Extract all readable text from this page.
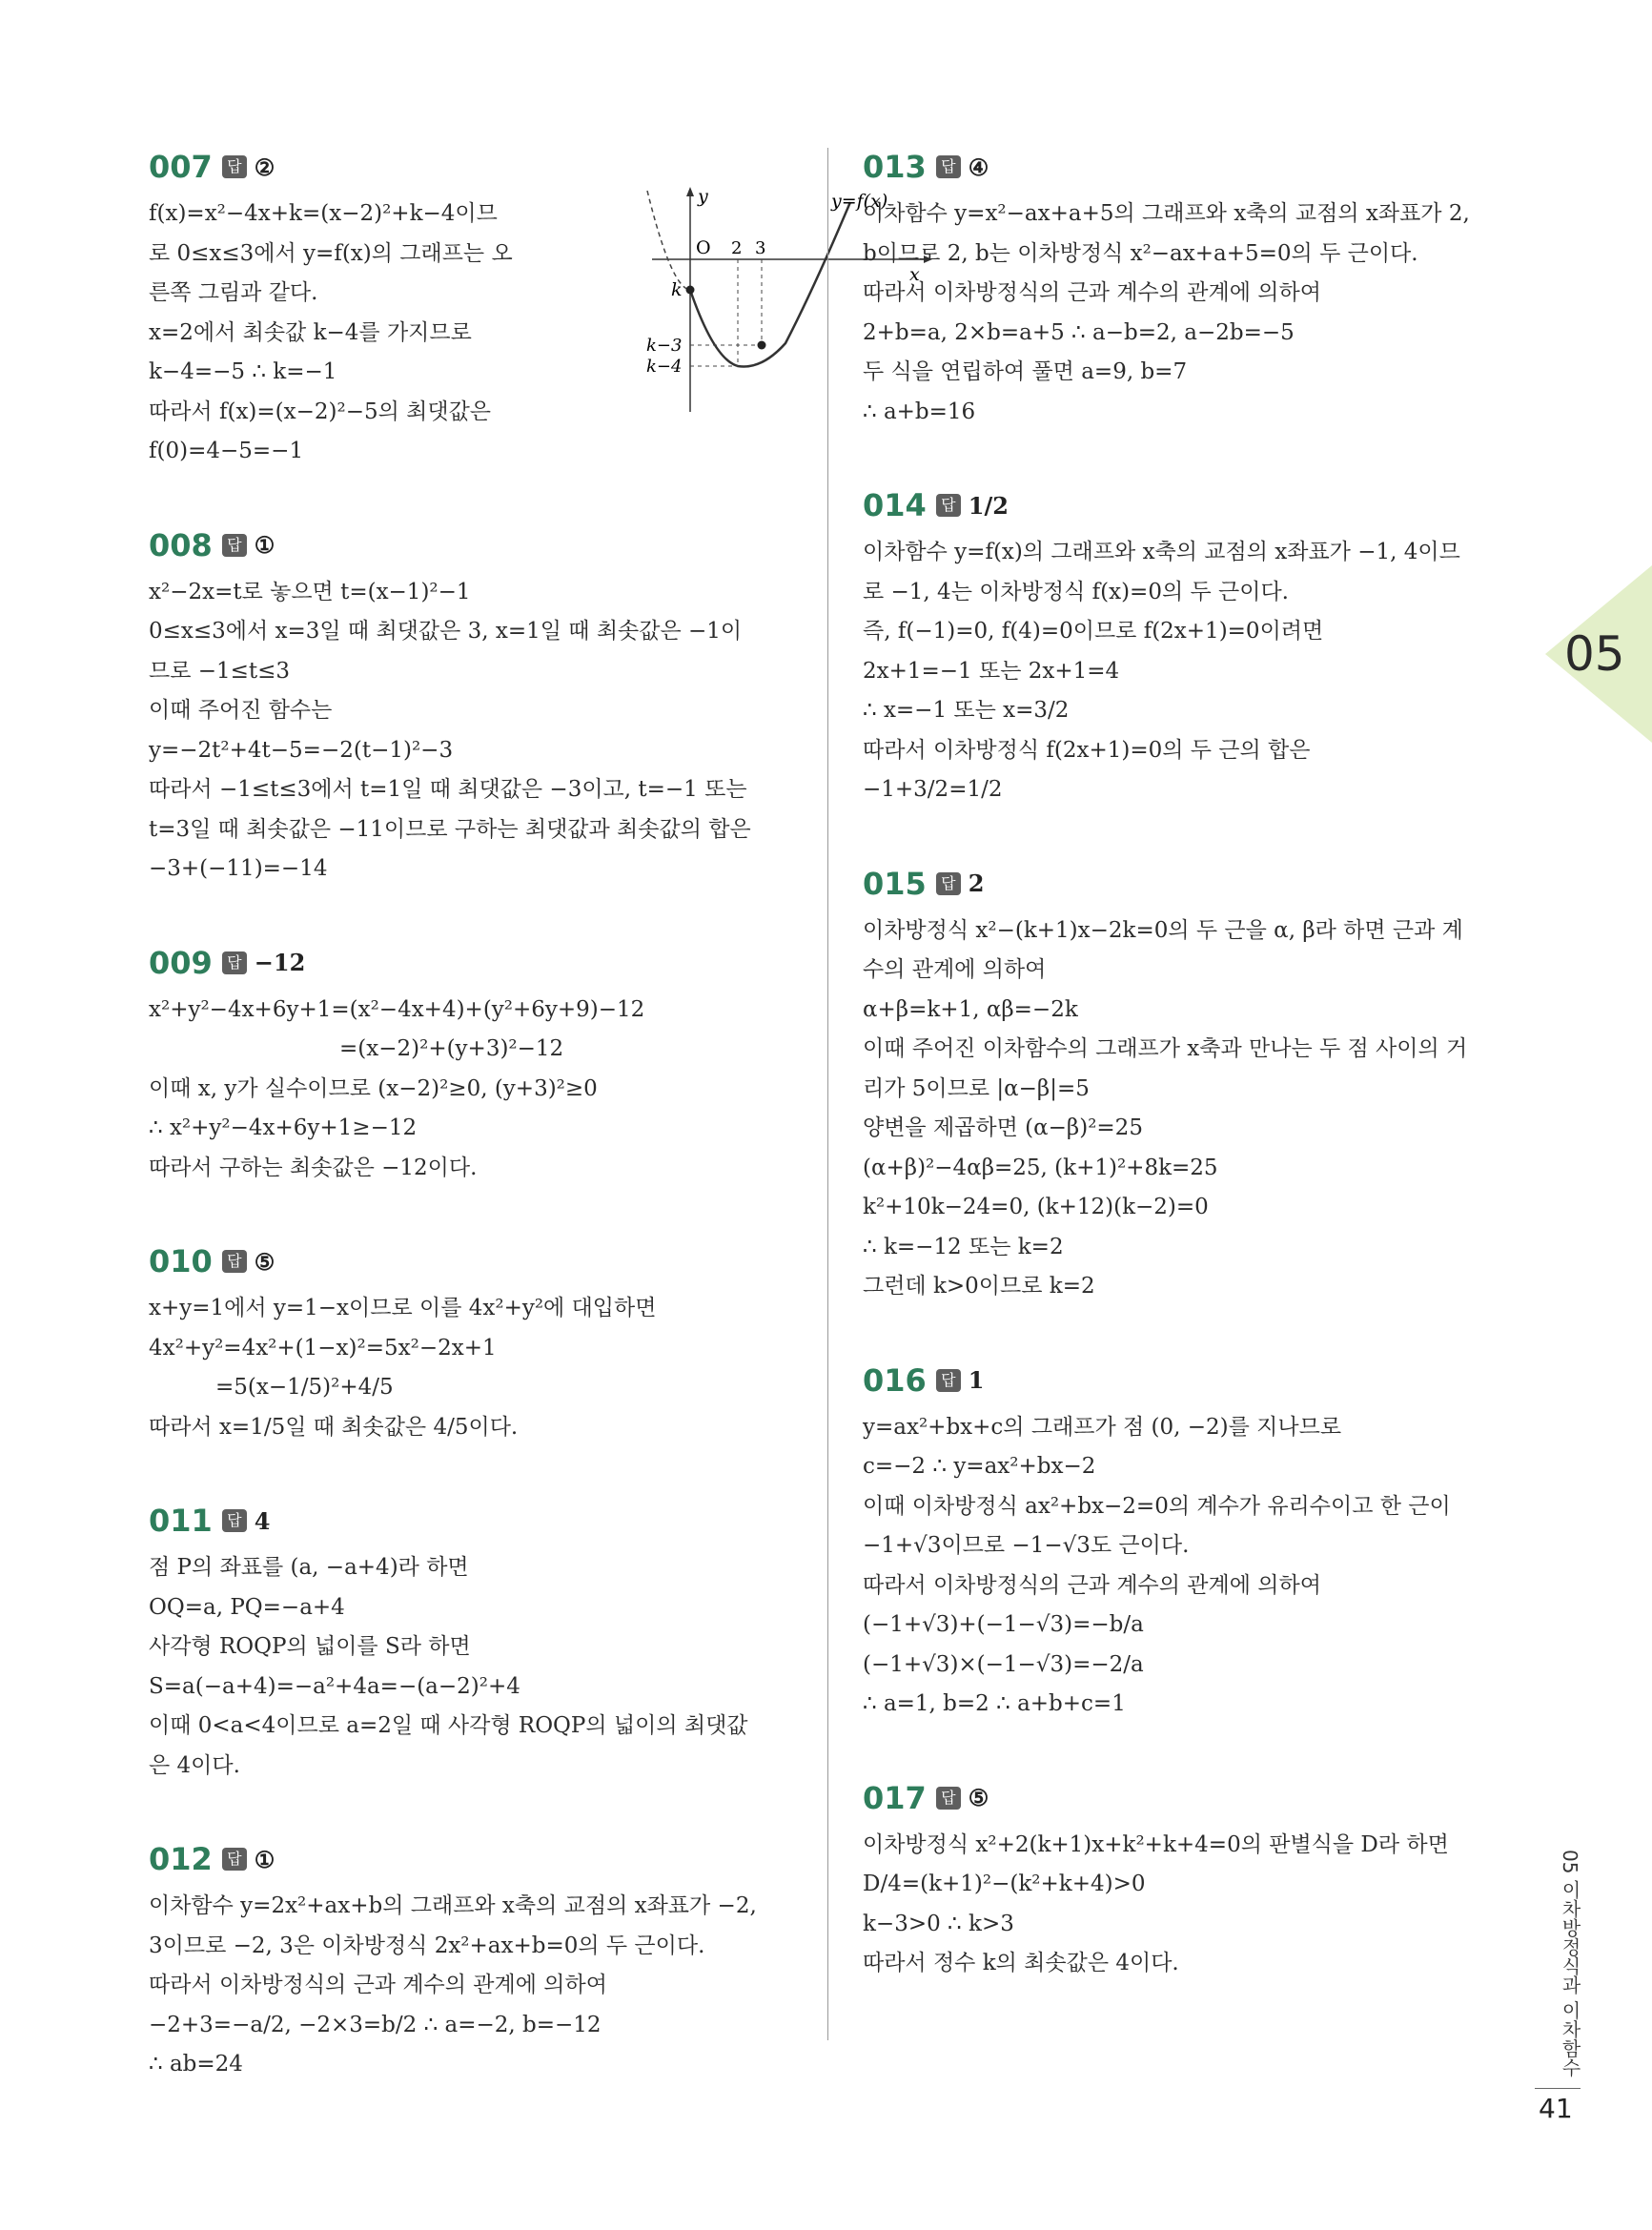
007 답 ②
f(x)=x²−4x+k=(x−2)²+k−4이므
로 0≤x≤3에서 y=f(x)의 그래프는 오
른쪽 그림과 같다.
x=2에서 최솟값 k−4를 가지므로
k−4=−5 ∴ k=−1
따라서 f(x)=(x−2)²−5의 최댓값은
f(0)=4−5=−1
y	y=f(x)
x
O 2 3
k
k−3
k−4
008 답 ①
x²−2x=t로 놓으면 t=(x−1)²−1
0≤x≤3에서 x=3일 때 최댓값은 3, x=1일 때 최솟값은 −1이
므로 −1≤t≤3
이때 주어진 함수는
y=−2t²+4t−5=−2(t−1)²−3
따라서 −1≤t≤3에서 t=1일 때 최댓값은 −3이고, t=−1 또는
t=3일 때 최솟값은 −11이므로 구하는 최댓값과 최솟값의 합은
−3+(−11)=−14
009 답 −12
x²+y²−4x+6y+1=(x²−4x+4)+(y²+6y+9)−12
=(x−2)²+(y+3)²−12
이때 x, y가 실수이므로 (x−2)²≥0, (y+3)²≥0
∴ x²+y²−4x+6y+1≥−12
따라서 구하는 최솟값은 −12이다.
010 답 ⑤
x+y=1에서 y=1−x이므로 이를 4x²+y²에 대입하면
4x²+y²=4x²+(1−x)²=5x²−2x+1
=5(x−1/5)²+4/5
따라서 x=1/5일 때 최솟값은 4/5이다.
011 답 4
점 P의 좌표를 (a, −a+4)라 하면
OQ=a, PQ=−a+4
사각형 ROQP의 넓이를 S라 하면
S=a(−a+4)=−a²+4a=−(a−2)²+4
이때 0<a<4이므로 a=2일 때 사각형 ROQP의 넓이의 최댓값
은 4이다.
012 답 ①
이차함수 y=2x²+ax+b의 그래프와 x축의 교점의 x좌표가 −2,
3이므로 −2, 3은 이차방정식 2x²+ax+b=0의 두 근이다.
따라서 이차방정식의 근과 계수의 관계에 의하여
−2+3=−a/2, −2×3=b/2 ∴ a=−2, b=−12
∴ ab=24
013 답 ④
이차함수 y=x²−ax+a+5의 그래프와 x축의 교점의 x좌표가 2,
b이므로 2, b는 이차방정식 x²−ax+a+5=0의 두 근이다.
따라서 이차방정식의 근과 계수의 관계에 의하여
2+b=a, 2×b=a+5 ∴ a−b=2, a−2b=−5
두 식을 연립하여 풀면 a=9, b=7
∴ a+b=16
014 답 1/2
이차함수 y=f(x)의 그래프와 x축의 교점의 x좌표가 −1, 4이므
로 −1, 4는 이차방정식 f(x)=0의 두 근이다.
즉, f(−1)=0, f(4)=0이므로 f(2x+1)=0이려면
2x+1=−1 또는 2x+1=4
∴ x=−1 또는 x=3/2
따라서 이차방정식 f(2x+1)=0의 두 근의 합은
−1+3/2=1/2
015 답 2
이차방정식 x²−(k+1)x−2k=0의 두 근을 α, β라 하면 근과 계
수의 관계에 의하여
α+β=k+1, αβ=−2k
이때 주어진 이차함수의 그래프가 x축과 만나는 두 점 사이의 거
리가 5이므로 |α−β|=5
양변을 제곱하면 (α−β)²=25
(α+β)²−4αβ=25, (k+1)²+8k=25
k²+10k−24=0, (k+12)(k−2)=0
∴ k=−12 또는 k=2
그런데 k>0이므로 k=2
016 답 1
y=ax²+bx+c의 그래프가 점 (0, −2)를 지나므로
c=−2 ∴ y=ax²+bx−2
이때 이차방정식 ax²+bx−2=0의 계수가 유리수이고 한 근이
−1+√3이므로 −1−√3도 근이다.
따라서 이차방정식의 근과 계수의 관계에 의하여
(−1+√3)+(−1−√3)=−b/a
(−1+√3)×(−1−√3)=−2/a
∴ a=1, b=2 ∴ a+b+c=1
017 답 ⑤
이차방정식 x²+2(k+1)x+k²+k+4=0의 판별식을 D라 하면
D/4=(k+1)²−(k²+k+4)>0
k−3>0 ∴ k>3
따라서 정수 k의 최솟값은 4이다.
05
05 이차방정식과 이차함수
41
